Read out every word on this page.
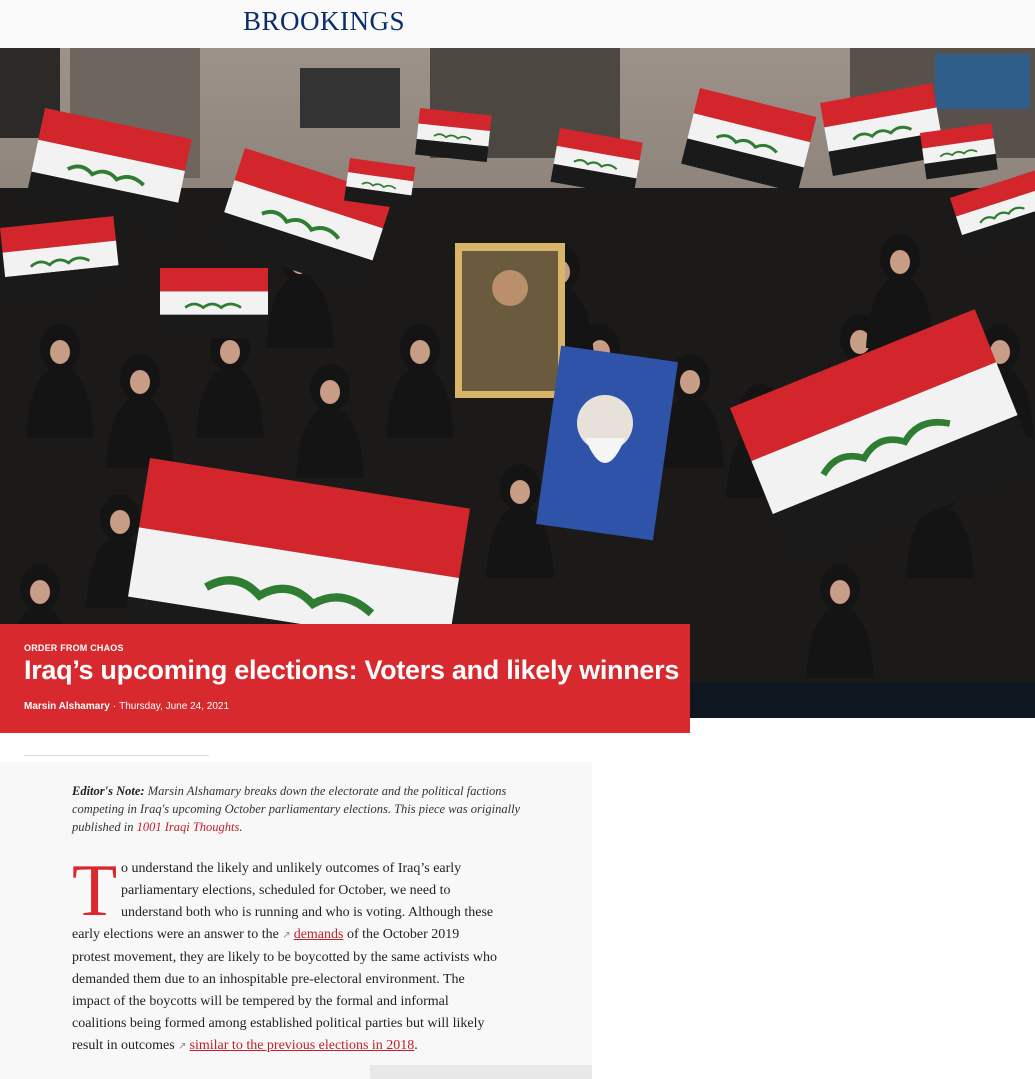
BROOKINGS
ORDER FROM CHAOS
Iraq’s upcoming elections: Voters and likely winners
Marsin Alshamary · Thursday, June 24, 2021

Editor's Note: Marsin Alshamary breaks down the electorate and the political factions competing in Iraq's upcoming October parliamentary elections. This piece was originally published in 1001 Iraqi Thoughts.

T o understand the likely and unlikely outcomes of Iraq’s early
parliamentary elections, scheduled for October, we need to
understand both who is running and who is voting. Although these
early elections were an answer to the ↗ demands of the October 2019
protest movement, they are likely to be boycotted by the same activists who
demanded them due to an inhospitable pre-electoral environment. The
impact of the boycotts will be tempered by the formal and informal
coalitions being formed among established political parties but will likely
result in outcomes ↗ similar to the previous elections in 2018.
